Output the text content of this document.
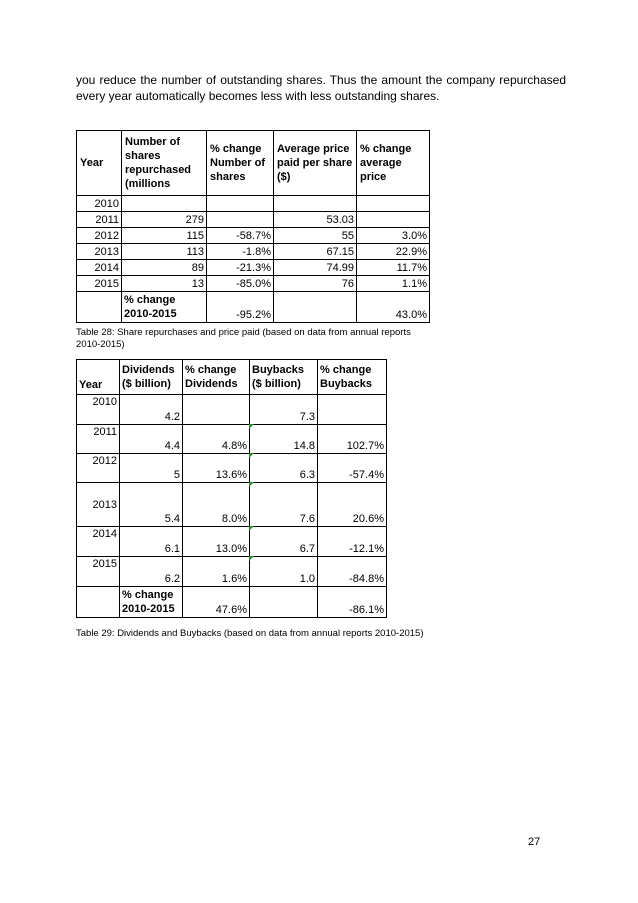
you reduce the number of outstanding shares. Thus the amount the company repurchased every year automatically becomes less with less outstanding shares.
Year	Number of shares repurchased (millions	% change Number of shares	Average price paid per share ($)	% change average price
2010				
2011	279		53.03	
2012	115	-58.7%	55	3.0%
2013	113	-1.8%	67.15	22.9%
2014	89	-21.3%	74.99	11.7%
2015	13	-85.0%	76	1.1%
	% change 2010-2015	-95.2%		43.0%
Table 28: Share repurchases and price paid (based on data from annual reports 2010-2015)
Year	Dividends ($ billion)	% change Dividends	Buybacks ($ billion)	% change Buybacks
2010	4.2		7.3	
2011	4.4	4.8%	14.8	102.7%
2012	5	13.6%	6.3	-57.4%
2013	5.4	8.0%	7.6	20.6%
2014	6.1	13.0%	6.7	-12.1%
2015	6.2	1.6%	1.0	-84.8%
	% change 2010-2015	47.6%		-86.1%
Table 29: Dividends and Buybacks (based on data from annual reports 2010-2015)
27
